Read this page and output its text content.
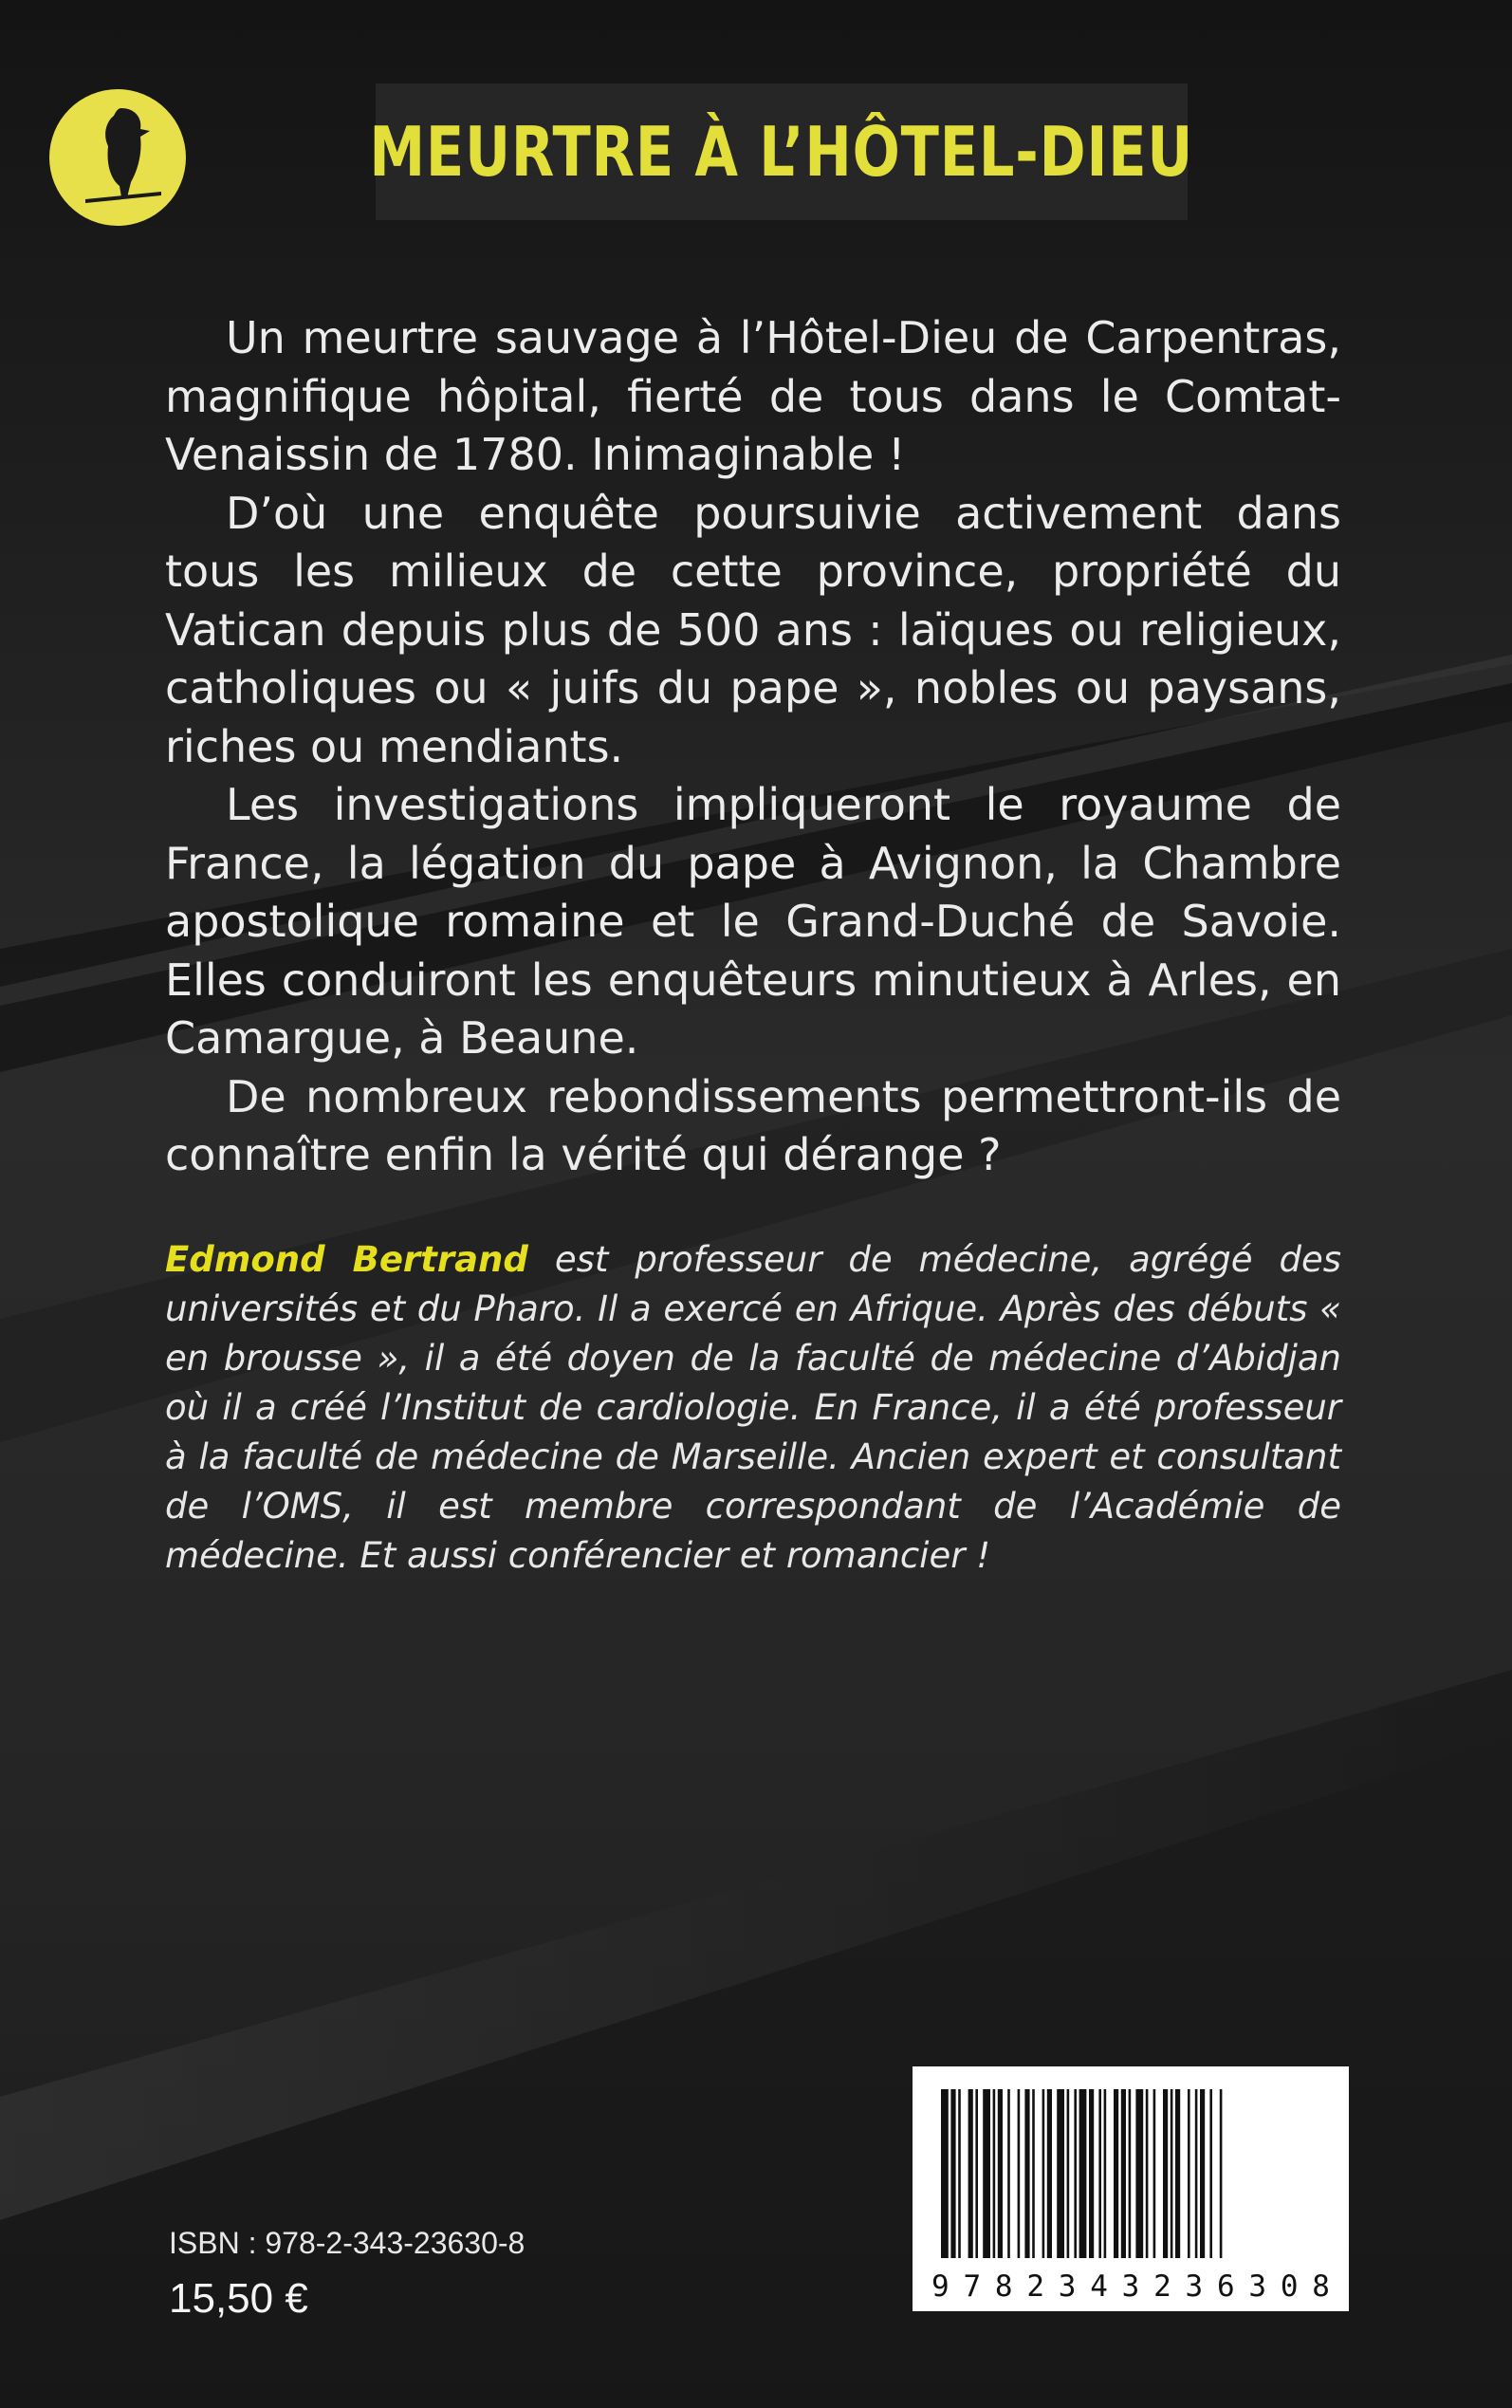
MEURTRE À L’HÔTEL-DIEU

Un meurtre sauvage à l’Hôtel-Dieu de Carpentras, magnifique hôpital, fierté de tous dans le Comtat-Venaissin de 1780. Inimaginable !

D’où une enquête poursuivie activement dans tous les milieux de cette province, propriété du Vatican depuis plus de 500 ans : laïques ou religieux, catholiques ou « juifs du pape », nobles ou paysans, riches ou mendiants.

Les investigations impliqueront le royaume de France, la légation du pape à Avignon, la Chambre apostolique romaine et le Grand-Duché de Savoie. Elles conduiront les enquêteurs minutieux à Arles, en Camargue, à Beaune.

De nombreux rebondissements permettront-ils de connaître enfin la vérité qui dérange ?

Edmond Bertrand est professeur de médecine, agrégé des universités et du Pharo. Il a exercé en Afrique. Après des débuts « en brousse », il a été doyen de la faculté de médecine d’Abidjan où il a créé l’Institut de cardiologie. En France, il a été professeur à la faculté de médecine de Marseille. Ancien expert et consultant de l’OMS, il est membre correspondant de l’Académie de médecine. Et aussi conférencier et romancier !
9 7 8 2 3 4 3 2 3 6 3 0 8
ISBN : 978-2-343-23630-8
15,50 €
